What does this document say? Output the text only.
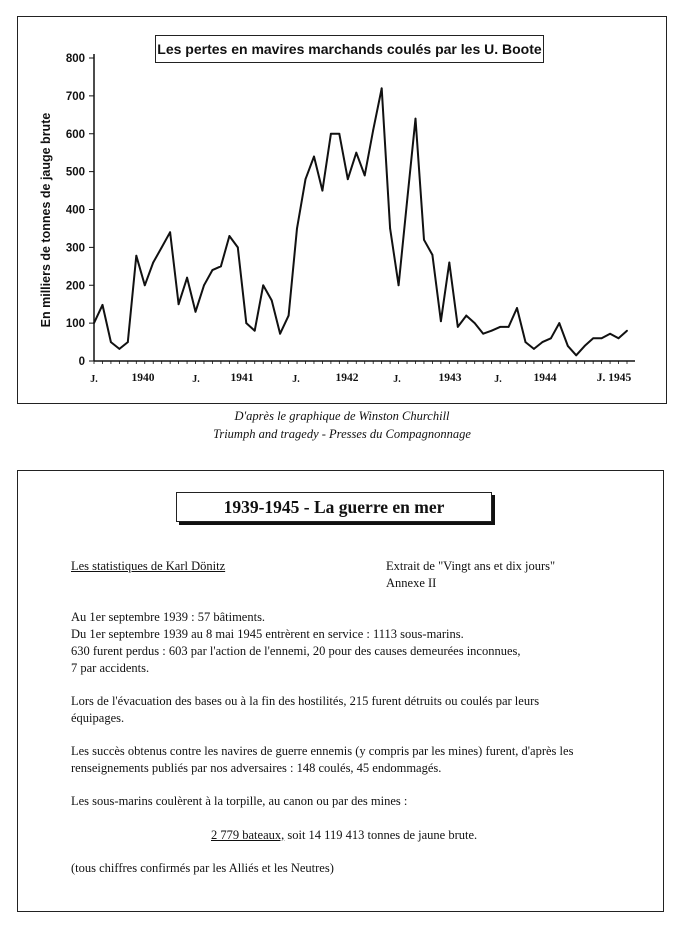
0
100
200
300
400
500
600
700
800
J.	1940	J.	1941	J.	1942	J.	1943	J.	1944	J. 1945
Les pertes en mavires marchands coulés par les U. Boote
En milliers de tonnes de jauge brute
D'après le graphique de Winston Churchill
Triumph and tragedy - Presses du Compagnonnage
1939-1945 - La guerre en mer
Les statistiques de Karl Dönitz	Extrait de "Vingt ans et dix jours"
Annexe II
Au 1er septembre 1939 : 57 bâtiments.
Du 1er septembre 1939 au 8 mai 1945 entrèrent en service : 1113 sous-marins.
630 furent perdus : 603 par l'action de l'ennemi, 20 pour des causes demeurées inconnues,
7 par accidents.
Lors de l'évacuation des bases ou à la fin des hostilités, 215 furent détruits ou coulés par leurs
équipages.
Les succès obtenus contre les navires de guerre ennemis (y compris par les mines) furent, d'après les
renseignements publiés par nos adversaires : 148 coulés, 45 endommagés.
Les sous-marins coulèrent à la torpille, au canon ou par des mines :
2 779 bateaux, soit 14 119 413 tonnes de jaune brute.
(tous chiffres confirmés par les Alliés et les Neutres)
